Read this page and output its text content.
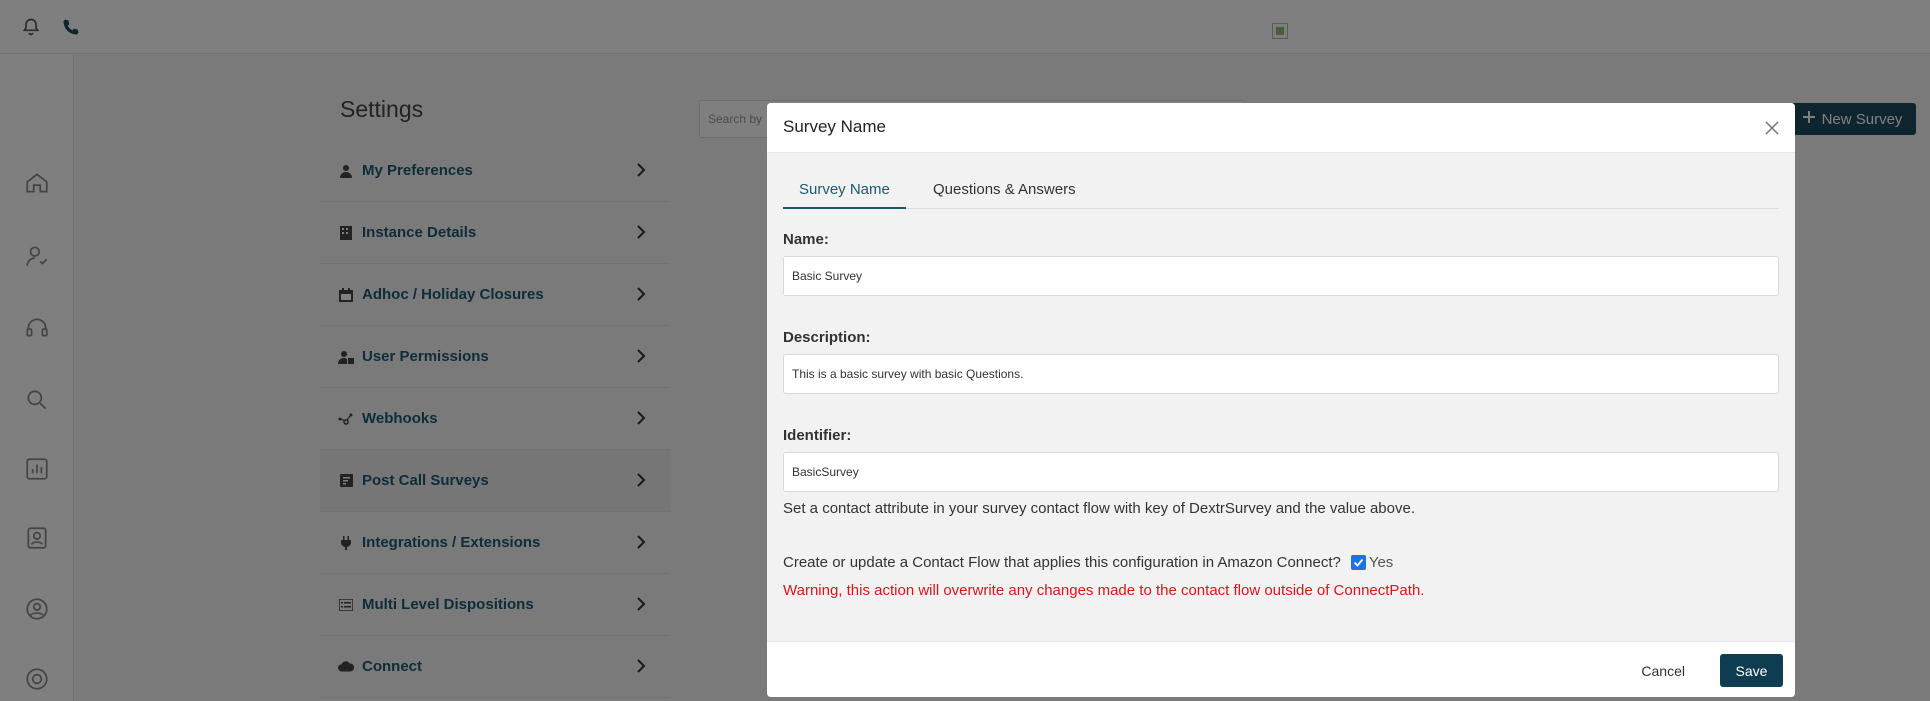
Survey Name
Survey Name	Questions & Answers
Name:
Basic Survey
Description:
This is a basic survey with basic Questions.
Identifier:
BasicSurvey
Set a contact attribute in your survey contact flow with key of DextrSurvey and the value above.
Create or update a Contact Flow that applies this configuration in Amazon Connect? Yes
Warning, this action will overwrite any changes made to the contact flow outside of ConnectPath.
Cancel	Save
